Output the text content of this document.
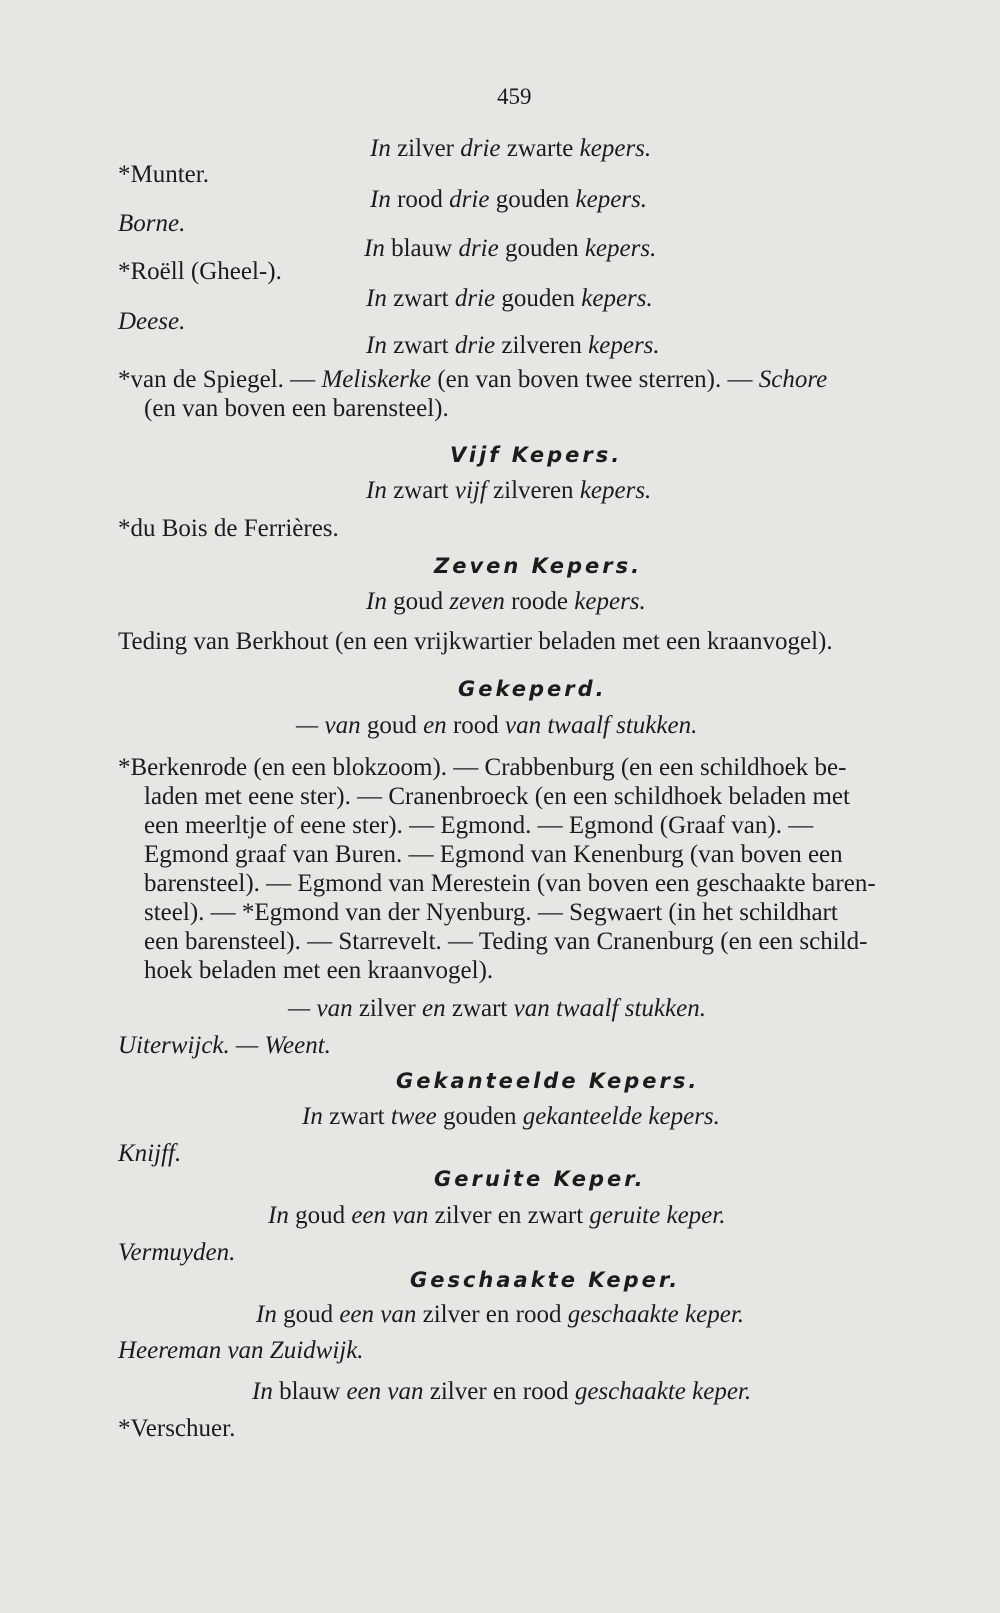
459
In zilver drie zwarte kepers.
*Munter.
In rood drie gouden kepers.
Borne.
In blauw drie gouden kepers.
*Roëll (Gheel-).
In zwart drie gouden kepers.
Deese.
In zwart drie zilveren kepers.
*van de Spiegel. — Meliskerke (en van boven twee sterren). — Schore
(en van boven een barensteel).
Vijf Kepers.
In zwart vijf zilveren kepers.
*du Bois de Ferrières.
Zeven Kepers.
In goud zeven roode kepers.
Teding van Berkhout (en een vrijkwartier beladen met een kraanvogel).
Gekeperd.
— van goud en rood van twaalf stukken.
*Berkenrode (en een blokzoom). — Crabbenburg (en een schildhoek be-
laden met eene ster). — Cranenbroeck (en een schildhoek beladen met
een meerltje of eene ster). — Egmond. — Egmond (Graaf van). —
Egmond graaf van Buren. — Egmond van Kenenburg (van boven een
barensteel). — Egmond van Merestein (van boven een geschaakte baren-
steel). — *Egmond van der Nyenburg. — Segwaert (in het schildhart
een barensteel). — Starrevelt. — Teding van Cranenburg (en een schild-
hoek beladen met een kraanvogel).
— van zilver en zwart van twaalf stukken.
Uiterwijck. — Weent.
Gekanteelde Kepers.
In zwart twee gouden gekanteelde kepers.
Knijff.
Geruite Keper.
In goud een van zilver en zwart geruite keper.
Vermuyden.
Geschaakte Keper.
In goud een van zilver en rood geschaakte keper.
Heereman van Zuidwijk.
In blauw een van zilver en rood geschaakte keper.
*Verschuer.
